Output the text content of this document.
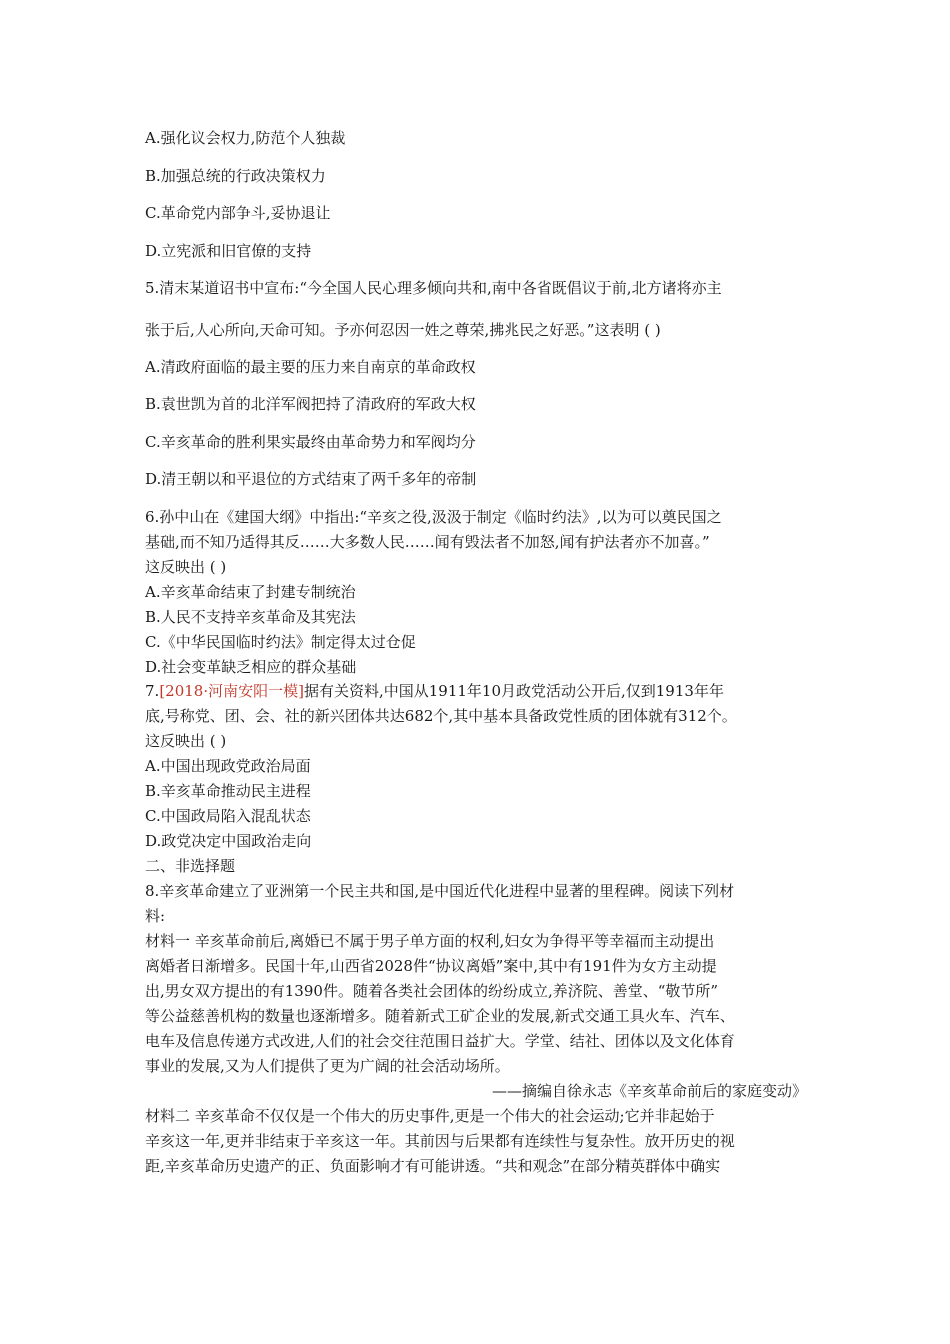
A.强化议会权力,防范个人独裁
B.加强总统的行政决策权力
C.革命党内部争斗,妥协退让
D.立宪派和旧官僚的支持
5.清末某道诏书中宣布:“今全国人民心理多倾向共和,南中各省既倡议于前,北方诸将亦主
张于后,人心所向,天命可知。予亦何忍因一姓之尊荣,拂兆民之好恶。”这表明 ( )
A.清政府面临的最主要的压力来自南京的革命政权
B.袁世凯为首的北洋军阀把持了清政府的军政大权
C.辛亥革命的胜利果实最终由革命势力和军阀均分
D.清王朝以和平退位的方式结束了两千多年的帝制
6.孙中山在《建国大纲》中指出:“辛亥之役,汲汲于制定《临时约法》,以为可以奠民国之
基础,而不知乃适得其反……大多数人民……闻有毁法者不加怒,闻有护法者亦不加喜。”
这反映出 ( )
A.辛亥革命结束了封建专制统治
B.人民不支持辛亥革命及其宪法
C.《中华民国临时约法》制定得太过仓促
D.社会变革缺乏相应的群众基础
7.[2018·河南安阳一模]据有关资料,中国从1911年10月政党活动公开后,仅到1913年年
底,号称党、团、会、社的新兴团体共达682个,其中基本具备政党性质的团体就有312个。
这反映出 ( )
A.中国出现政党政治局面
B.辛亥革命推动民主进程
C.中国政局陷入混乱状态
D.政党决定中国政治走向
二、非选择题
8.辛亥革命建立了亚洲第一个民主共和国,是中国近代化进程中显著的里程碑。阅读下列材
料:
材料一 辛亥革命前后,离婚已不属于男子单方面的权利,妇女为争得平等幸福而主动提出
离婚者日渐增多。民国十年,山西省2028件“协议离婚”案中,其中有191件为女方主动提
出,男女双方提出的有1390件。随着各类社会团体的纷纷成立,养济院、善堂、“敬节所”
等公益慈善机构的数量也逐渐增多。随着新式工矿企业的发展,新式交通工具火车、汽车、
电车及信息传递方式改进,人们的社会交往范围日益扩大。学堂、结社、团体以及文化体育
事业的发展,又为人们提供了更为广阔的社会活动场所。
——摘编自徐永志《辛亥革命前后的家庭变动》
材料二 辛亥革命不仅仅是一个伟大的历史事件,更是一个伟大的社会运动;它并非起始于
辛亥这一年,更并非结束于辛亥这一年。其前因与后果都有连续性与复杂性。放开历史的视
距,辛亥革命历史遗产的正、负面影响才有可能讲透。“共和观念”在部分精英群体中确实
